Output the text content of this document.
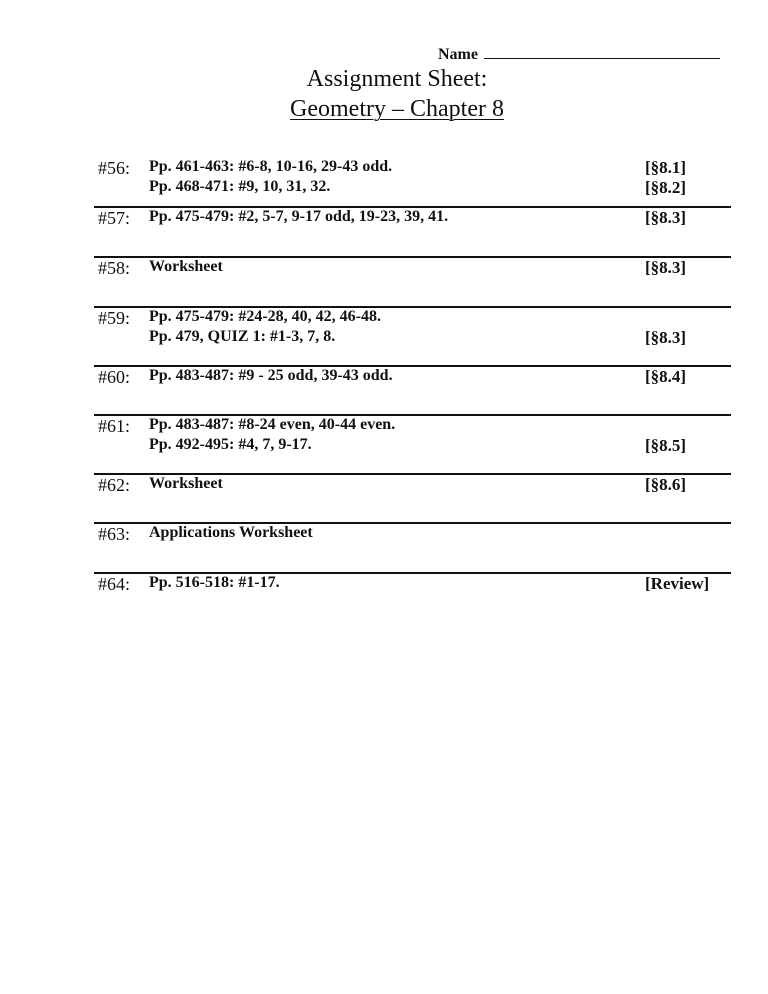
Name
Assignment Sheet:
Geometry – Chapter 8
#56: Pp. 461-463: #6-8, 10-16, 29-43 odd.	[§8.1]
Pp. 468-471: #9, 10, 31, 32.	[§8.2]
#57: Pp. 475-479: #2, 5-7, 9-17 odd, 19-23, 39, 41.	[§8.3]
#58: Worksheet	[§8.3]
#59: Pp. 475-479: #24-28, 40, 42, 46-48.
Pp. 479, QUIZ 1: #1-3, 7, 8.	[§8.3]
#60: Pp. 483-487: #9 - 25 odd, 39-43 odd.	[§8.4]
#61: Pp. 483-487: #8-24 even, 40-44 even.
Pp. 492-495: #4, 7, 9-17.	[§8.5]
#62: Worksheet	[§8.6]
#63: Applications Worksheet
#64: Pp. 516-518: #1-17.	[Review]
